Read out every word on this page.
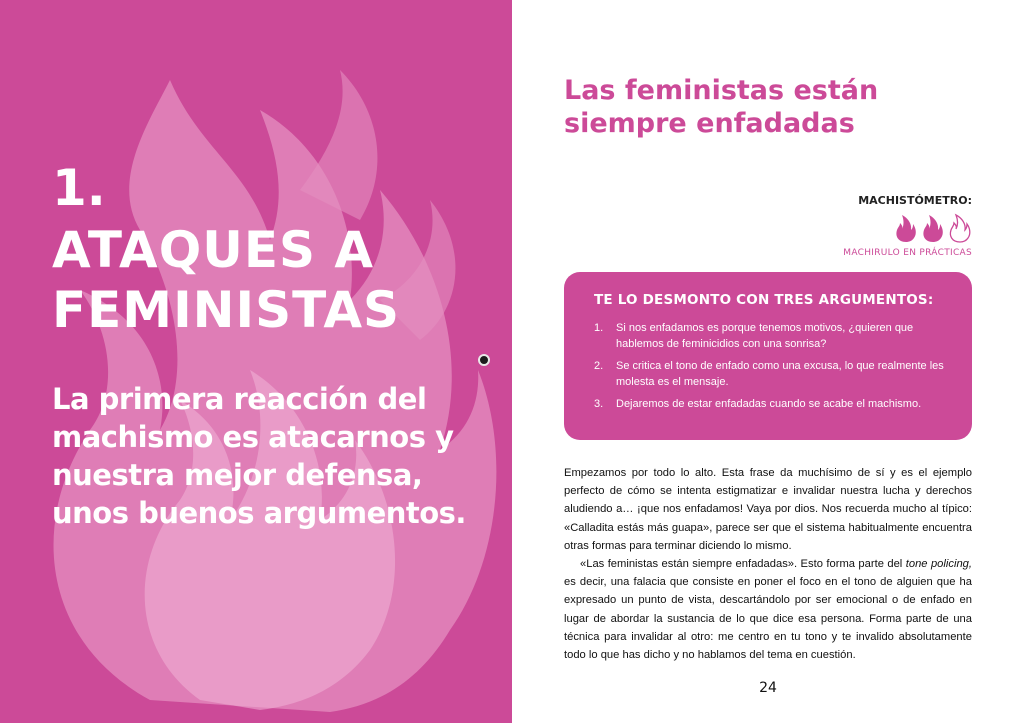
1.

ATAQUES A
FEMINISTAS

La primera reacción del machismo es atacarnos y nuestra mejor defensa, unos buenos argumentos.

Las feministas están siempre enfadadas

MACHISTÓMETRO:

MACHIRULO EN PRÁCTICAS

TE LO DESMONTO CON TRES ARGUMENTOS:

1. Si nos enfadamos es porque tenemos motivos, ¿quieren que hablemos de feminicidios con una sonrisa?
2. Se critica el tono de enfado como una excusa, lo que realmente les molesta es el mensaje.
3. Dejaremos de estar enfadadas cuando se acabe el machismo.

Empezamos por todo lo alto. Esta frase da muchísimo de sí y es el ejemplo perfecto de cómo se intenta estigmatizar e invalidar nuestra lucha y derechos aludiendo a… ¡que nos enfadamos! Vaya por dios. Nos recuerda mucho al típico: «Calladita estás más guapa», parece ser que el sistema habitualmente encuentra otras formas para terminar diciendo lo mismo.

«Las feministas están siempre enfadadas». Esto forma parte del tone policing, es decir, una falacia que consiste en poner el foco en el tono de alguien que ha expresado un punto de vista, descartándolo por ser emocional o de enfado en lugar de abordar la sustancia de lo que dice esa persona. Forma parte de una técnica para invalidar al otro: me centro en tu tono y te invalido absolutamente todo lo que has dicho y no hablamos del tema en cuestión.

24
